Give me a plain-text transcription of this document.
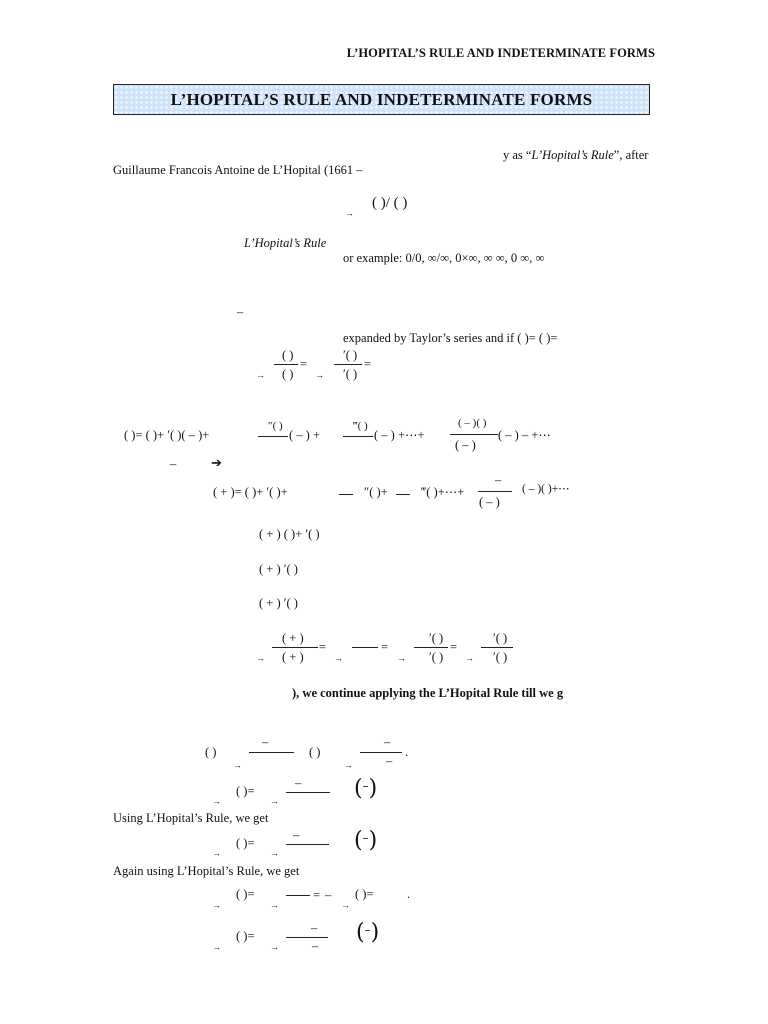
L’HOPITAL’S RULE AND INDETERMINATE FORMS
L’HOPITAL’S RULE AND INDETERMINATE FORMS
y as “L’Hopital’s Rule”, after
Guillaume Francois Antoine de L’Hopital (1661 –
→
( )/ ( )
L’Hopital’s Rule
or example: 0/0, ∞/∞, 0×∞, ∞ ∞, 0 ∞, ∞
–
expanded by Taylor’s series and if ( )= ( )=
→
( )
( )
=
→
′( )
′( )
=
( )= ( )+ ′( )( – )+
″( )
( – ) +
‴( )
( – ) +⋯+
( – )( )
( – )
( – ) – +⋯
–	➔
( + )= ( )+ ′( )+	″( )+	‴( )+⋯+
–
( – )
( – )( )+⋯
( + ) ( )+ ′( )
( + ) ′( )
( + ) ′( )
→
( + )
( + )
=
→
=
→
′( )
′( )
=
→
′( )
′( )
), we continue applying the L’Hopital Rule till we g
( )
→
–
( )
→
–
–
.
→
( )=
→
– (–)
Using L’Hopital’s Rule, we get
→
( )=
→
– (–)
Again using L’Hopital’s Rule, we get
→
( )=
→
= –
→
( )=	.
→
( )=
→
–
–
(–)
